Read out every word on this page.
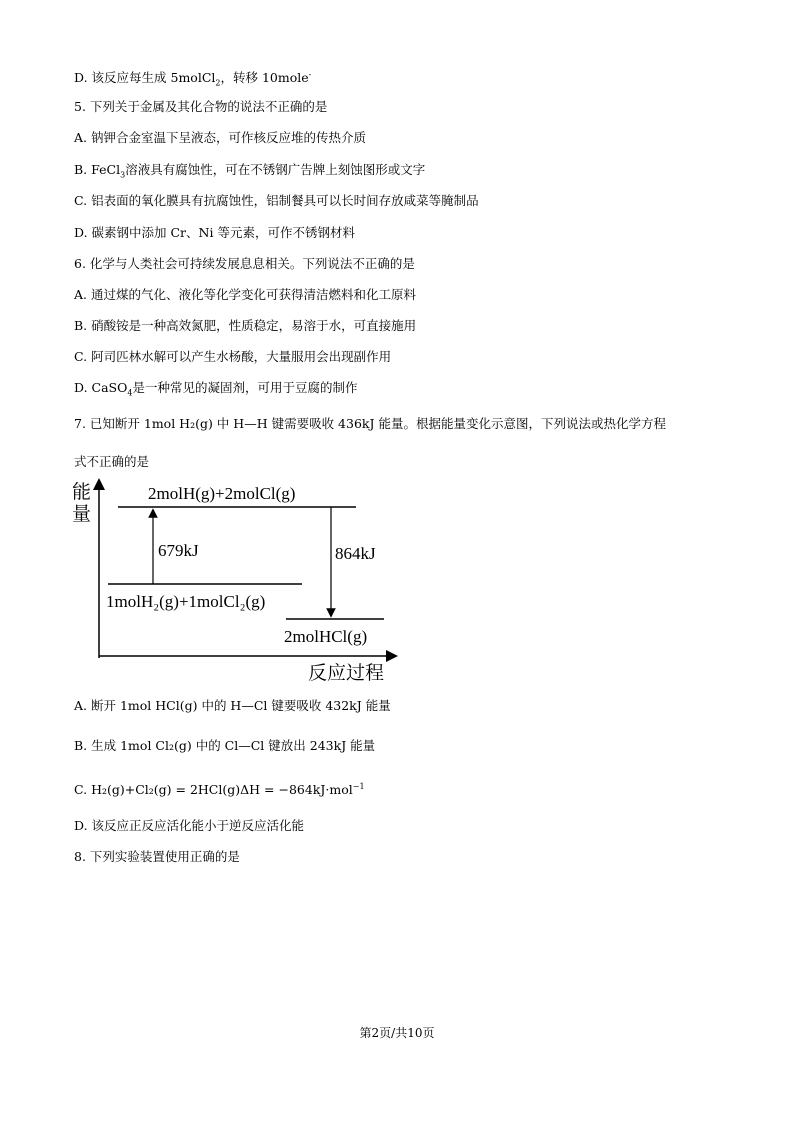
D. 该反应每生成 5molCl$_2$，转移 10mole-
5. 下列关于金属及其化合物的说法不正确的是
A. 钠钾合金室温下呈液态，可作核反应堆的传热介质
B. FeCl$_3$溶液具有腐蚀性，可在不锈钢广告牌上刻蚀图形或文字
C. 铝表面的氧化膜具有抗腐蚀性，铝制餐具可以长时间存放咸菜等腌制品
D. 碳素钢中添加 Cr、Ni 等元素，可作不锈钢材料
6. 化学与人类社会可持续发展息息相关。下列说法不正确的是
A. 通过煤的气化、液化等化学变化可获得清洁燃料和化工原料
B. 硝酸铵是一种高效氮肥，性质稳定，易溶于水，可直接施用
C. 阿司匹林水解可以产生水杨酸，大量服用会出现副作用
D. CaSO$_4$是一种常见的凝固剂，可用于豆腐的制作
7. 已知断开 1mol H₂(g) 中 H—H 键需要吸收 436kJ 能量。根据能量变化示意图，下列说法或热化学方程
式不正确的是
能
量
反应过程
2molH(g)+2molCl(g)
1molH₂(g)+1molCl₂(g)
2molHCl(g)
679kJ	864kJ
A. 断开 1mol HCl(g) 中的 H—Cl 键要吸收 432kJ 能量
B. 生成 1mol Cl₂(g) 中的 Cl—Cl 键放出 243kJ 能量
C. H₂(g)+Cl₂(g) = 2HCl(g)ΔH = −864kJ·mol$^{-1}$
D. 该反应正反应活化能小于逆反应活化能
8. 下列实验装置使用正确的是
第2页/共10页
